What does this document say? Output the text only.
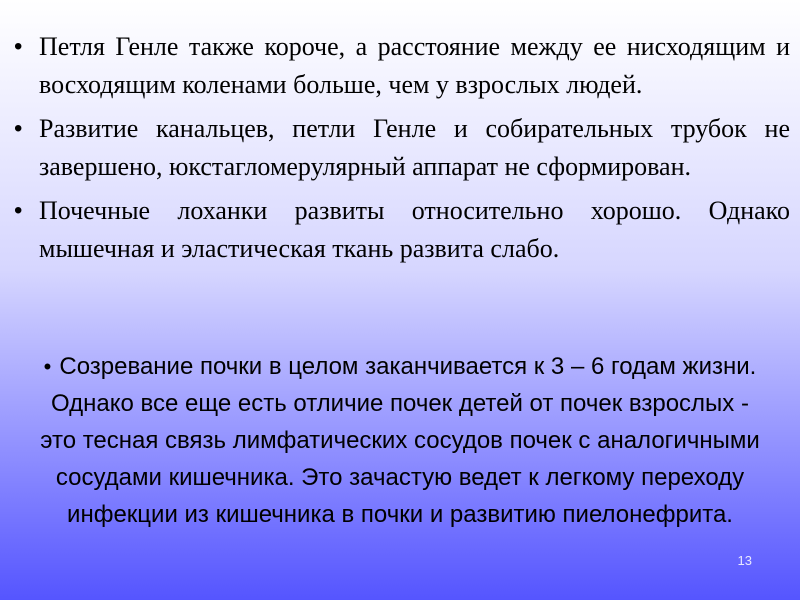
• Петля Генле также короче, а расстояние между ее нисходящим и восходящим коленами больше, чем у взрослых людей.
• Развитие канальцев, петли Генле и собирательных трубок не завершено, юкстагломерулярный аппарат не сформирован.
• Почечные лоханки развиты относительно хорошо. Однако мышечная и эластическая ткань развита слабо.

• Созревание почки в целом заканчивается к 3 – 6 годам жизни. Однако все еще есть отличие почек детей от почек взрослых - это тесная связь лимфатических сосудов почек с аналогичными сосудами кишечника. Это зачастую ведет к легкому переходу инфекции из кишечника в почки и развитию пиелонефрита.

13
